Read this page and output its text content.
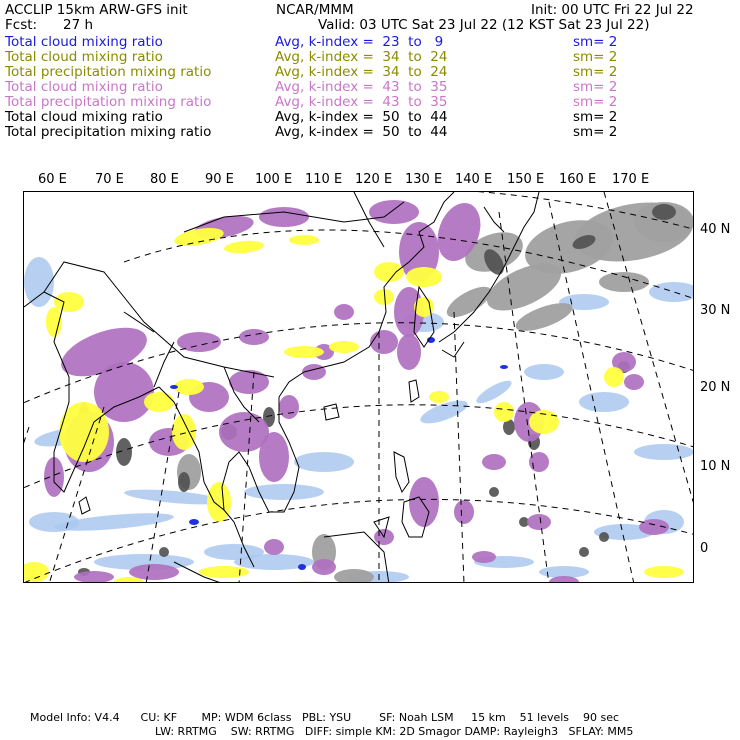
ACCLIP 15km ARW-GFS init	NCAR/MMM	Init: 00 UTC Fri 22 Jul 22
Fcst: 27 h	Valid: 03 UTC Sat 23 Jul 22 (12 KST Sat 23 Jul 22)
Total cloud mixing ratio	Avg, k-index =  23  to   9	sm= 2
Total cloud mixing ratio	Avg, k-index =  34  to  24	sm= 2
Total precipitation mixing ratio	Avg, k-index =  34  to  24	sm= 2
Total cloud mixing ratio	Avg, k-index =  43  to  35	sm= 2
Total precipitation mixing ratio	Avg, k-index =  43  to  35	sm= 2
Total cloud mixing ratio	Avg, k-index =  50  to  44	sm= 2
Total precipitation mixing ratio	Avg, k-index =  50  to  44	sm= 2
60 E 70 E 80 E 90 E 100 E 110 E 120 E 130 E 140 E 150 E 160 E 170 E
40 N
30 N
20 N
10 N
0
Model Info: V4.4      CU: KF       MP: WDM 6class   PBL: YSU        SF: Noah LSM     15 km    51 levels    90 sec
LW: RRTMG    SW: RRTMG   DIFF: simple KM: 2D Smagor DAMP: Rayleigh3   SFLAY: MM5
